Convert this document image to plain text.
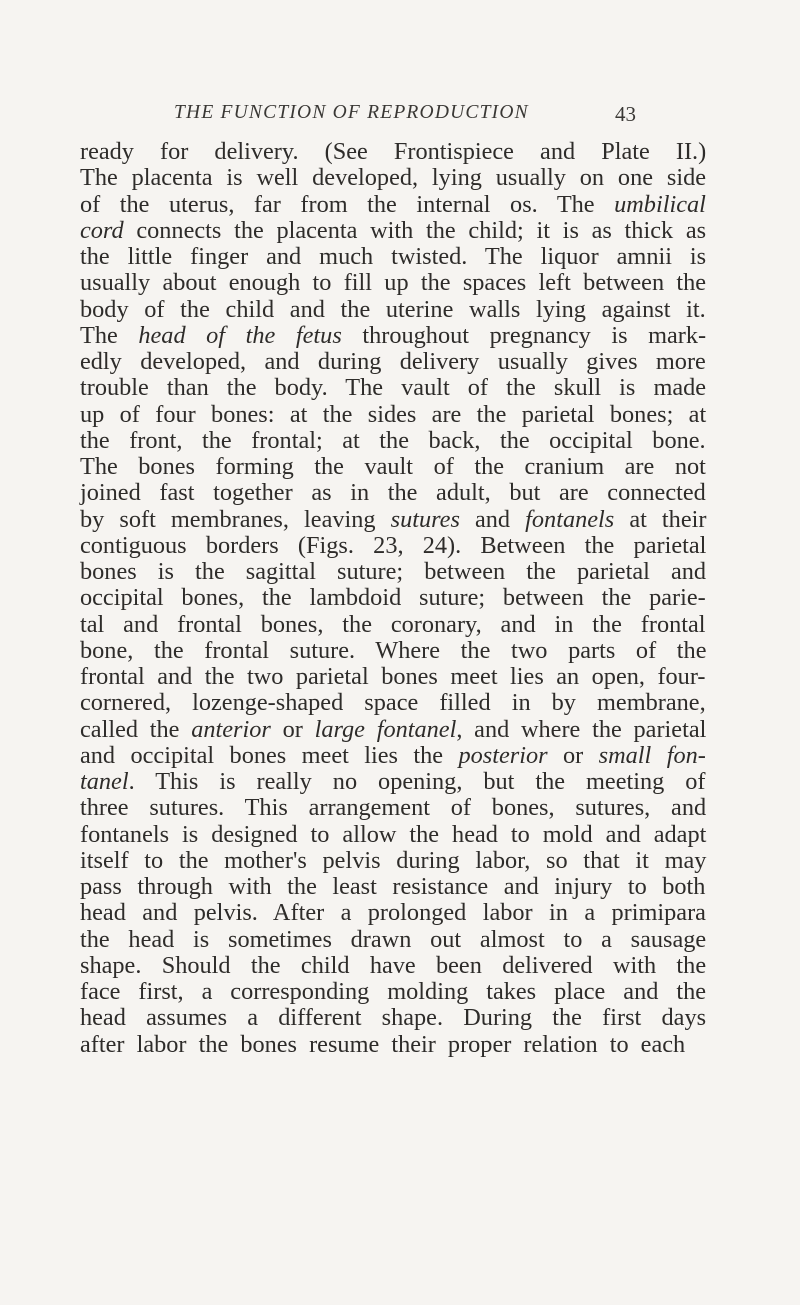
THE FUNCTION OF REPRODUCTION	43
ready for delivery. (See Frontispiece and Plate II.)
The placenta is well developed, lying usually on one side
of the uterus, far from the internal os. The umbilical
cord connects the placenta with the child; it is as thick as
the little finger and much twisted. The liquor amnii is
usually about enough to fill up the spaces left between the
body of the child and the uterine walls lying against it.
The head of the fetus throughout pregnancy is mark-
edly developed, and during delivery usually gives more
trouble than the body. The vault of the skull is made
up of four bones: at the sides are the parietal bones; at
the front, the frontal; at the back, the occipital bone.
The bones forming the vault of the cranium are not
joined fast together as in the adult, but are connected
by soft membranes, leaving sutures and fontanels at their
contiguous borders (Figs. 23, 24). Between the parietal
bones is the sagittal suture; between the parietal and
occipital bones, the lambdoid suture; between the parie-
tal and frontal bones, the coronary, and in the frontal
bone, the frontal suture. Where the two parts of the
frontal and the two parietal bones meet lies an open, four-
cornered, lozenge-shaped space filled in by membrane,
called the anterior or large fontanel, and where the parietal
and occipital bones meet lies the posterior or small fon-
tanel. This is really no opening, but the meeting of
three sutures. This arrangement of bones, sutures, and
fontanels is designed to allow the head to mold and adapt
itself to the mother's pelvis during labor, so that it may
pass through with the least resistance and injury to both
head and pelvis. After a prolonged labor in a primipara
the head is sometimes drawn out almost to a sausage
shape. Should the child have been delivered with the
face first, a corresponding molding takes place and the
head assumes a different shape. During the first days
after labor the bones resume their proper relation to each
